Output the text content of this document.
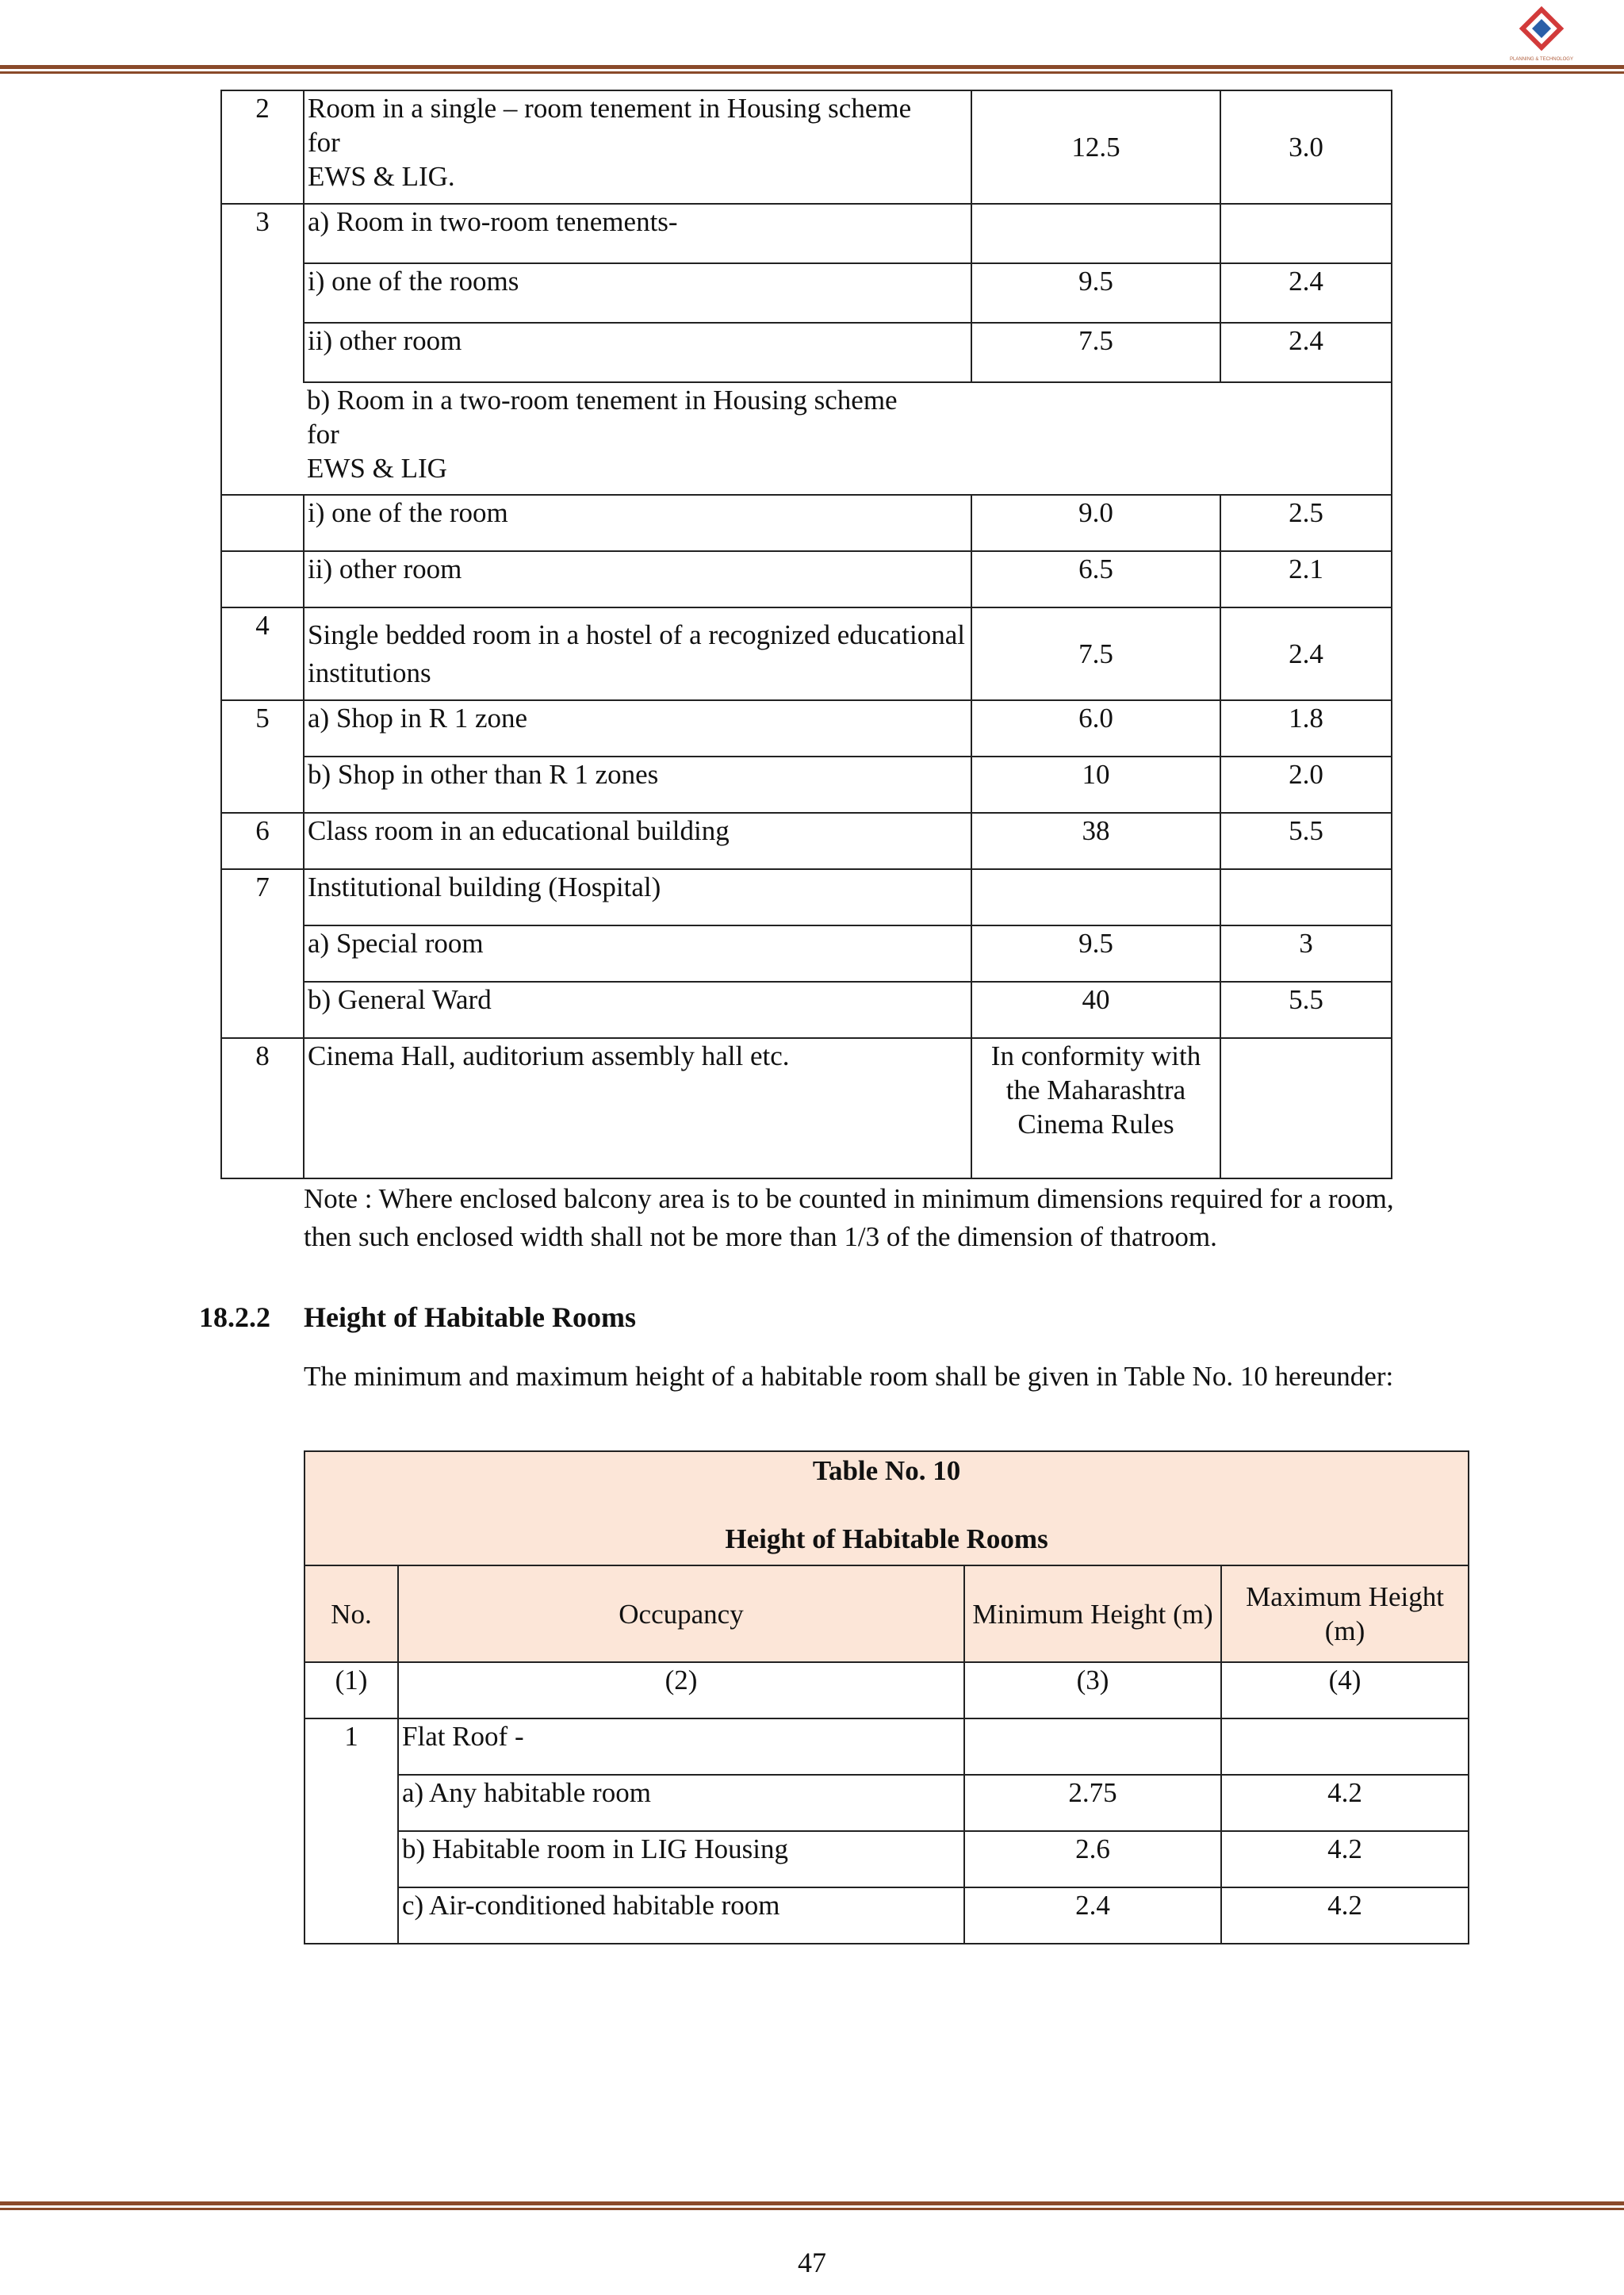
PLANNING & TECHNOLOGY
2	Room in a single – room tenement in Housing scheme
for
EWS & LIG.	12.5	3.0
3	a) Room in two-room tenements-		
	i) one of the rooms	9.5	2.4
	ii) other room	7.5	2.4
	b) Room in a two-room tenement in Housing scheme
for
EWS & LIG		
	i) one of the room	9.0	2.5
	ii) other room	6.5	2.1
4	Single bedded room in a hostel of a recognized educational institutions	7.5	2.4
5	a) Shop in R 1 zone	6.0	1.8
	b) Shop in other than R 1 zones	10	2.0
6	Class room in an educational building	38	5.5
7	Institutional building (Hospital)		
	a) Special room	9.5	3
	b) General Ward	40	5.5
8	Cinema Hall, auditorium assembly hall etc.	In conformity with the Maharashtra Cinema Rules	
Note : Where enclosed balcony area is to be counted in minimum dimensions required for a room, then such enclosed width shall not be more than 1/3 of the dimension of thatroom.
18.2.2 Height of Habitable Rooms
The minimum and maximum height of a habitable room shall be given in Table No. 10 hereunder:
Table No. 10
Height of Habitable Rooms			

No.	Occupancy	Minimum Height (m)	Maximum Height (m)
(1)	(2)	(3)	(4)
1	Flat Roof -		
	a) Any habitable room	2.75	4.2
	b) Habitable room in LIG Housing	2.6	4.2
	c) Air-conditioned habitable room	2.4	4.2
47
